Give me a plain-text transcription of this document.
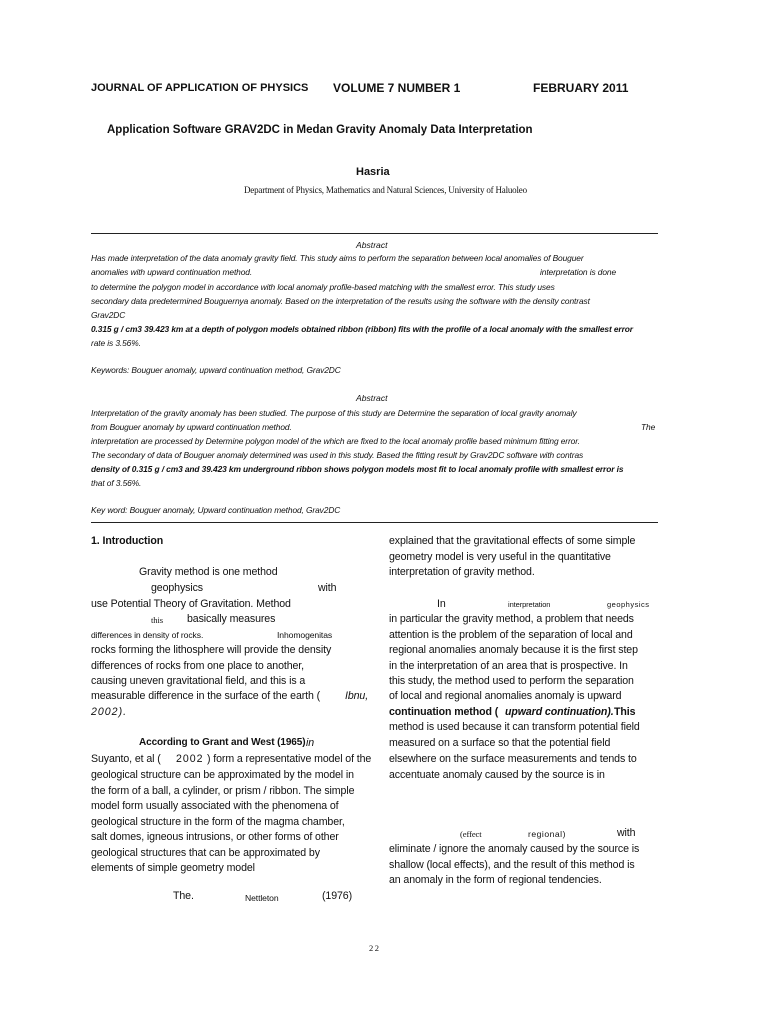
JOURNAL OF APPLICATION OF PHYSICS VOLUME 7 NUMBER 1	FEBRUARY 2011
Application Software GRAV2DC in Medan Gravity Anomaly Data Interpretation
Hasria
Department of Physics, Mathematics and Natural Sciences, University of Haluoleo
Abstract
Has made interpretation of the data anomaly gravity field. This study aims to perform the separation between local anomalies of Bouguer
anomalies with upward continuation method.	interpretation is done
to determine the polygon model in accordance with local anomaly profile-based matching with the smallest error. This study uses
secondary data predetermined Bouguernya anomaly. Based on the interpretation of the results using the software with the density contrast
Grav2DC
0.315 g / cm3 39.423 km at a depth of polygon models obtained ribbon (ribbon) fits with the profile of a local anomaly with the smallest error
rate is 3.56%.
Keywords: Bouguer anomaly, upward continuation method, Grav2DC
Abstract
Interpretation of the gravity anomaly has been studied. The purpose of this study are Determine the separation of local gravity anomaly
from Bouguer anomaly by upward continuation method.	The
interpretation are processed by Determine polygon model of the which are fixed to the local anomaly profile based minimum fitting error.
The secondary of data of Bouguer anomaly determined was used in this study. Based the fitting result by Grav2DC software with contras
density of 0.315 g / cm3 and 39.423 km underground ribbon shows polygon models most fit to local anomaly profile with smallest error is
that of 3.56%.
Key word: Bouguer anomaly, Upward continuation method, Grav2DC
1. Introduction
Gravity method is one method
geophysics	with
use Potential Theory of Gravitation. Method
this basically measures
differences in density of rocks.	Inhomogenitas
rocks forming the lithosphere will provide the density
differences of rocks from one place to another,
causing uneven gravitational field, and this is a
measurable difference in the surface of the earth ( Ibnu,
2002).
According to Grant and West (1965) in
Suyanto, et al ( 2002 ) form a representative model of the
geological structure can be approximated by the model in
the form of a ball, a cylinder, or prism / ribbon. The simple
model form usually associated with the phenomena of
geological structure in the form of the magma chamber,
salt domes, igneous intrusions, or other forms of other
geological structures that can be approximated by
elements of simple geometry model
The.	Nettleton	(1976)
explained that the gravitational effects of some simple
geometry model is very useful in the quantitative
interpretation of gravity method.
In	interpretation	geophysics
in particular the gravity method, a problem that needs
attention is the problem of the separation of local and
regional anomalies anomaly because it is the first step
in the interpretation of an area that is prospective. In
this study, the method used to perform the separation
of local and regional anomalies anomaly is upward
continuation method ( upward continuation). This
method is used because it can transform potential field
measured on a surface so that the potential field
elsewhere on the surface measurements and tends to
accentuate anomaly caused by the source is in
(effect	regional)	with
eliminate / ignore the anomaly caused by the source is
shallow (local effects), and the result of this method is
an anomaly in the form of regional tendencies.
22
